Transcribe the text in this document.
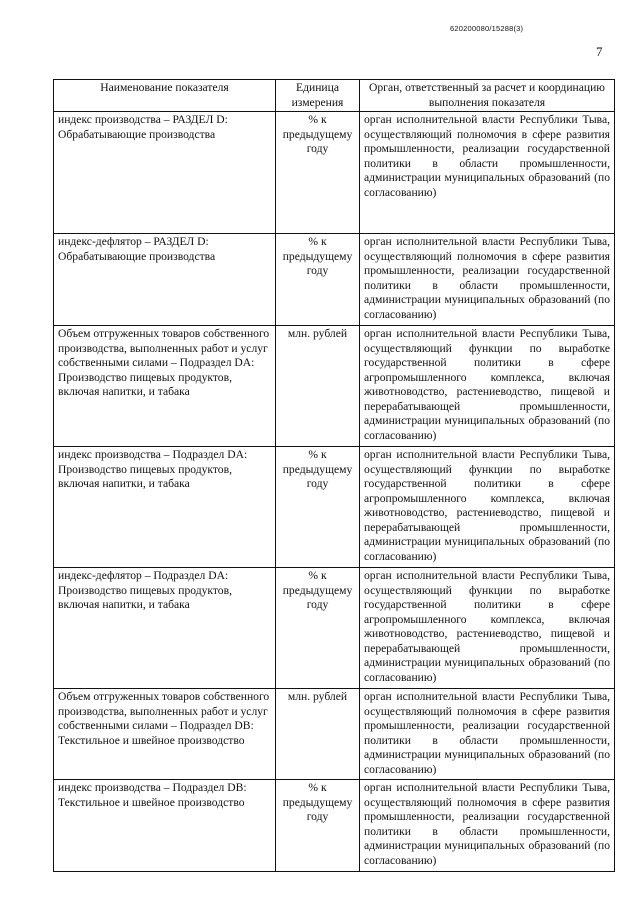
620200080/15288(3)
7
Наименование показателя	Единица измерения	Орган, ответственный за расчет и координацию выполнения показателя
индекс производства – РАЗДЕЛ D: Обрабатывающие производства	% к предыдущему году	орган исполнительной власти Республики Тыва, осуществляющий полномочия в сфере развития промышленности, реализации государственной политики в области промышленности, администрации муниципальных образований (по согласованию)
индекс-дефлятор – РАЗДЕЛ D: Обрабатывающие производства	% к предыдущему году	орган исполнительной власти Республики Тыва, осуществляющий полномочия в сфере развития промышленности, реализации государственной политики в области промышленности, администрации муниципальных образований (по согласованию)
Объем отгруженных товаров собственного производства, выполненных работ и услуг собственными силами – Подраздел DA: Производство пищевых продуктов, включая напитки, и табака	млн. рублей	орган исполнительной власти Республики Тыва, осуществляющий функции по выработке государственной политики в сфере агропромышленного комплекса, включая животноводство, растениеводство, пищевой и перерабатывающей промышленности, администрации муниципальных образований (по согласованию)
индекс производства – Подраздел DA: Производство пищевых продуктов, включая напитки, и табака	% к предыдущему году	орган исполнительной власти Республики Тыва, осуществляющий функции по выработке государственной политики в сфере агропромышленного комплекса, включая животноводство, растениеводство, пищевой и перерабатывающей промышленности, администрации муниципальных образований (по согласованию)
индекс-дефлятор – Подраздел DA: Производство пищевых продуктов, включая напитки, и табака	% к предыдущему году	орган исполнительной власти Республики Тыва, осуществляющий функции по выработке государственной политики в сфере агропромышленного комплекса, включая животноводство, растениеводство, пищевой и перерабатывающей промышленности, администрации муниципальных образований (по согласованию)
Объем отгруженных товаров собственного производства, выполненных работ и услуг собственными силами – Подраздел DB: Текстильное и швейное производство	млн. рублей	орган исполнительной власти Республики Тыва, осуществляющий полномочия в сфере развития промышленности, реализации государственной политики в области промышленности, администрации муниципальных образований (по согласованию)
индекс производства – Подраздел DB: Текстильное и швейное производство	% к предыдущему году	орган исполнительной власти Республики Тыва, осуществляющий полномочия в сфере развития промышленности, реализации государственной политики в области промышленности, администрации муниципальных образований (по согласованию)
